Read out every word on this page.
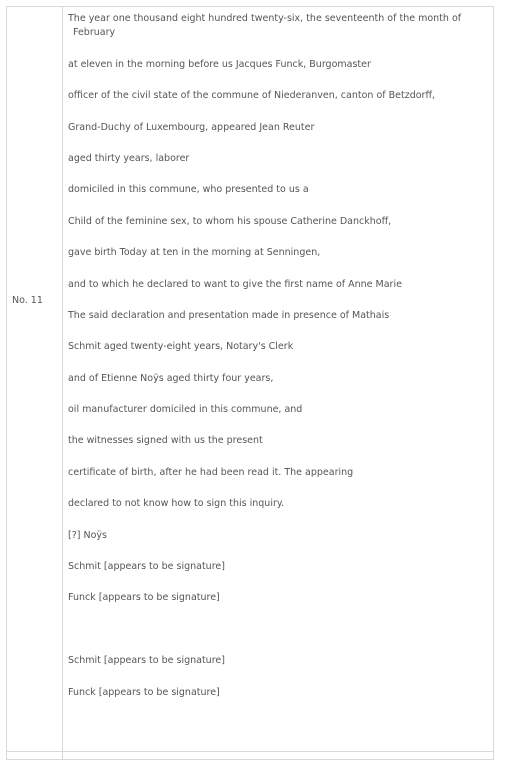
No. 11
The year one thousand eight hundred twenty-six, the seventeenth of the month of
February
at eleven in the morning before us Jacques Funck, Burgomaster
officer of the civil state of the commune of Niederanven, canton of Betzdorff,
Grand-Duchy of Luxembourg, appeared Jean Reuter
aged thirty years, laborer
domiciled in this commune, who presented to us a
Child of the feminine sex, to whom his spouse Catherine Danckhoff,
gave birth Today at ten in the morning at Senningen,
and to which he declared to want to give the first name of Anne Marie
The said declaration and presentation made in presence of Mathais
Schmit aged twenty-eight years, Notary's Clerk
and of Etienne Noÿs aged thirty four years,
oil manufacturer domiciled in this commune, and
the witnesses signed with us the present
certificate of birth, after he had been read it. The appearing
declared to not know how to sign this inquiry.
[?] Noÿs
Schmit [appears to be signature]
Funck [appears to be signature]
Schmit [appears to be signature]
Funck [appears to be signature]
